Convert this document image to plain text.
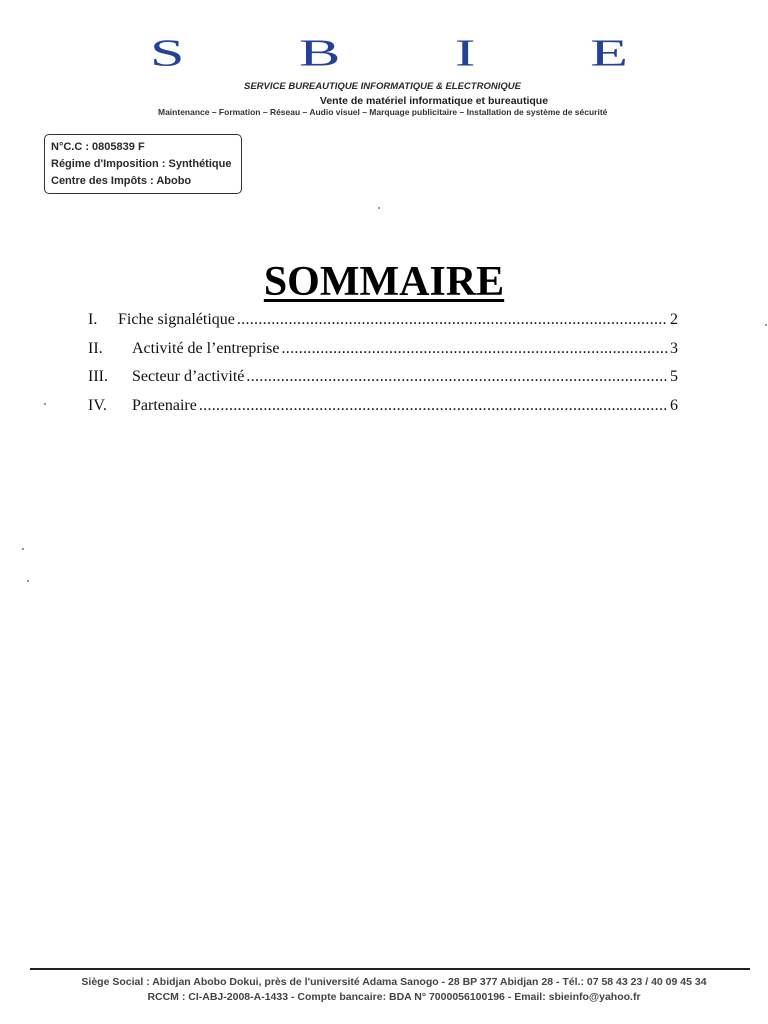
S B I E
SERVICE BUREAUTIQUE INFORMATIQUE & ELECTRONIQUE
Vente de matériel informatique et bureautique
Maintenance – Formation – Réseau – Audio visuel – Marquage publicitaire – Installation de système de sécurité
N°C.C : 0805839 F
Régime d'Imposition : Synthétique
Centre des Impôts : Abobo
SOMMAIRE
I.	Fiche signalétique .....	2
II.	Activité de l’entreprise .....	3
III.	Secteur d’activité .....	5
IV.	Partenaire .....	6
Siège Social : Abidjan Abobo Dokui, près de l'université Adama Sanogo - 28 BP 377 Abidjan 28 - Tél.: 07 58 43 23 / 40 09 45 34
RCCM : CI-ABJ-2008-A-1433 - Compte bancaire: BDA N° 7000056100196 - Email: sbieinfo@yahoo.fr
